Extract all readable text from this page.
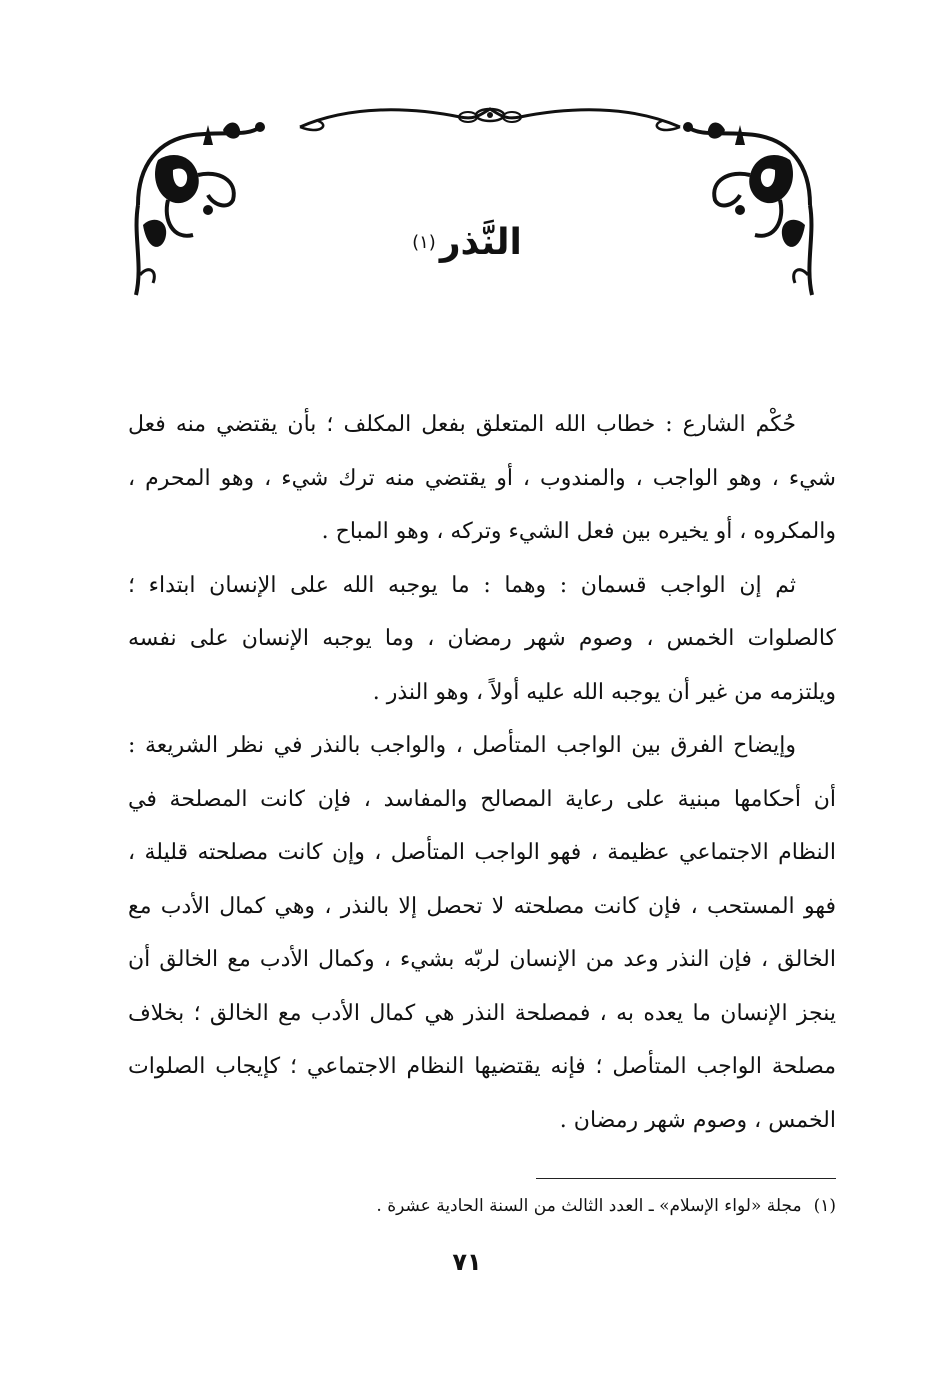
النَّذر(١)

حُكْم الشارع : خطاب الله المتعلق بفعل المكلف ؛ بأن يقتضي منه فعل شيء ، وهو الواجب ، والمندوب ، أو يقتضي منه ترك شيء ، وهو المحرم ، والمكروه ، أو يخيره بين فعل الشيء وتركه ، وهو المباح .

ثم إن الواجب قسمان : وهما : ما يوجبه الله على الإنسان ابتداء ؛ كالصلوات الخمس ، وصوم شهر رمضان ، وما يوجبه الإنسان على نفسه ويلتزمه من غير أن يوجبه الله عليه أولاً ، وهو النذر .

وإيضاح الفرق بين الواجب المتأصل ، والواجب بالنذر في نظر الشريعة : أن أحكامها مبنية على رعاية المصالح والمفاسد ، فإن كانت المصلحة في النظام الاجتماعي عظيمة ، فهو الواجب المتأصل ، وإن كانت مصلحته قليلة ، فهو المستحب ، فإن كانت مصلحته لا تحصل إلا بالنذر ، وهي كمال الأدب مع الخالق ، فإن النذر وعد من الإنسان لربّه بشيء ، وكمال الأدب مع الخالق أن ينجز الإنسان ما يعده به ، فمصلحة النذر هي كمال الأدب مع الخالق ؛ بخلاف مصلحة الواجب المتأصل ؛ فإنه يقتضيها النظام الاجتماعي ؛ كإيجاب الصلوات الخمس ، وصوم شهر رمضان .

(١)مجلة «لواء الإسلام» ـ العدد الثالث من السنة الحادية عشرة .
٧١
